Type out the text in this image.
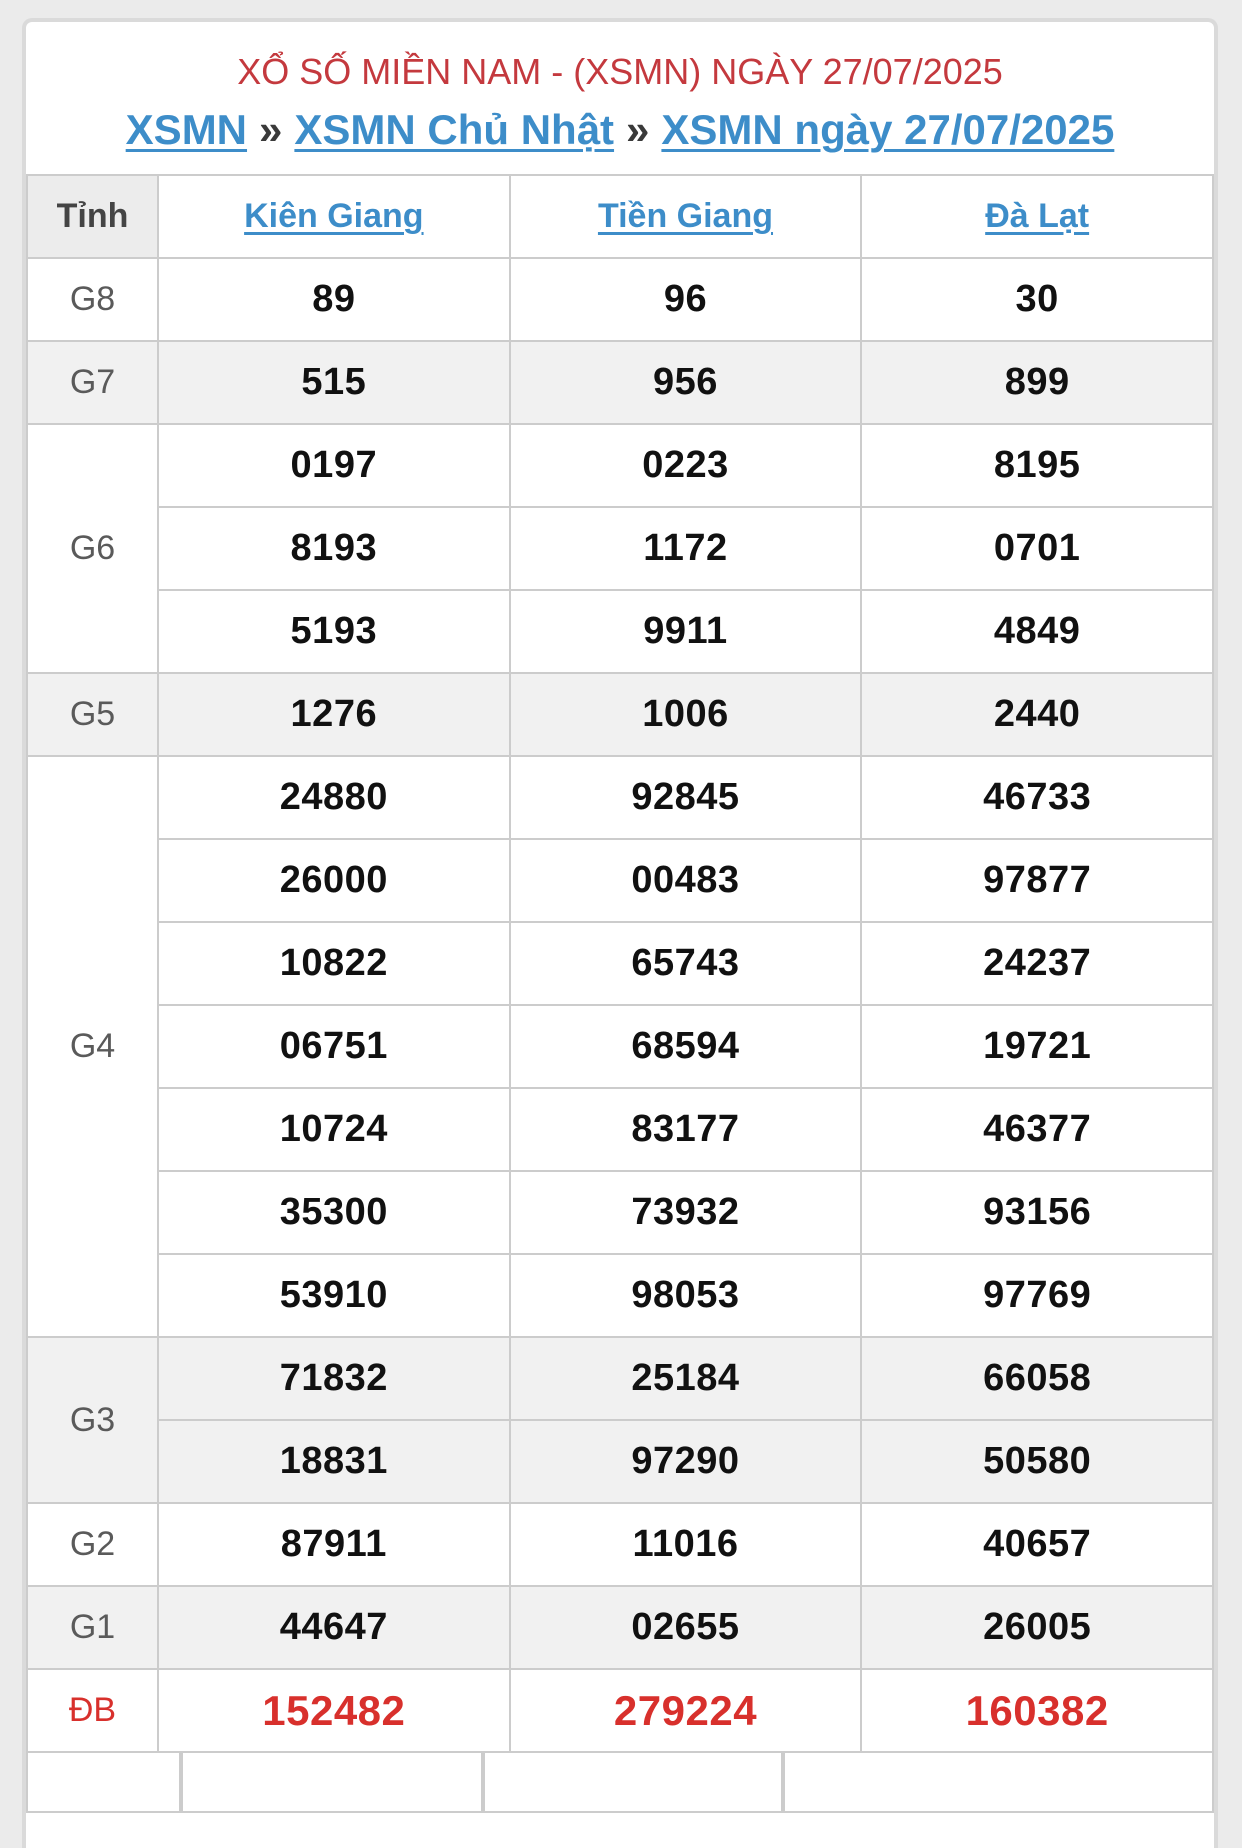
XỔ SỐ MIỀN NAM - (XSMN) NGÀY 27/07/2025
XSMN » XSMN Chủ Nhật » XSMN ngày 27/07/2025
Tỉnh	Kiên Giang	Tiền Giang	Đà Lạt
G8	89	96	30
G7	515	956	899
G6	0197	0223	8195
	8193	1172	0701
	5193	9911	4849
G5	1276	1006	2440
G4	24880	92845	46733
	26000	00483	97877
	10822	65743	24237
	06751	68594	19721
	10724	83177	46377
	35300	73932	93156
	53910	98053	97769
G3	71832	25184	66058
	18831	97290	50580
G2	87911	11016	40657
G1	44647	02655	26005
ĐB	152482	279224	160382
